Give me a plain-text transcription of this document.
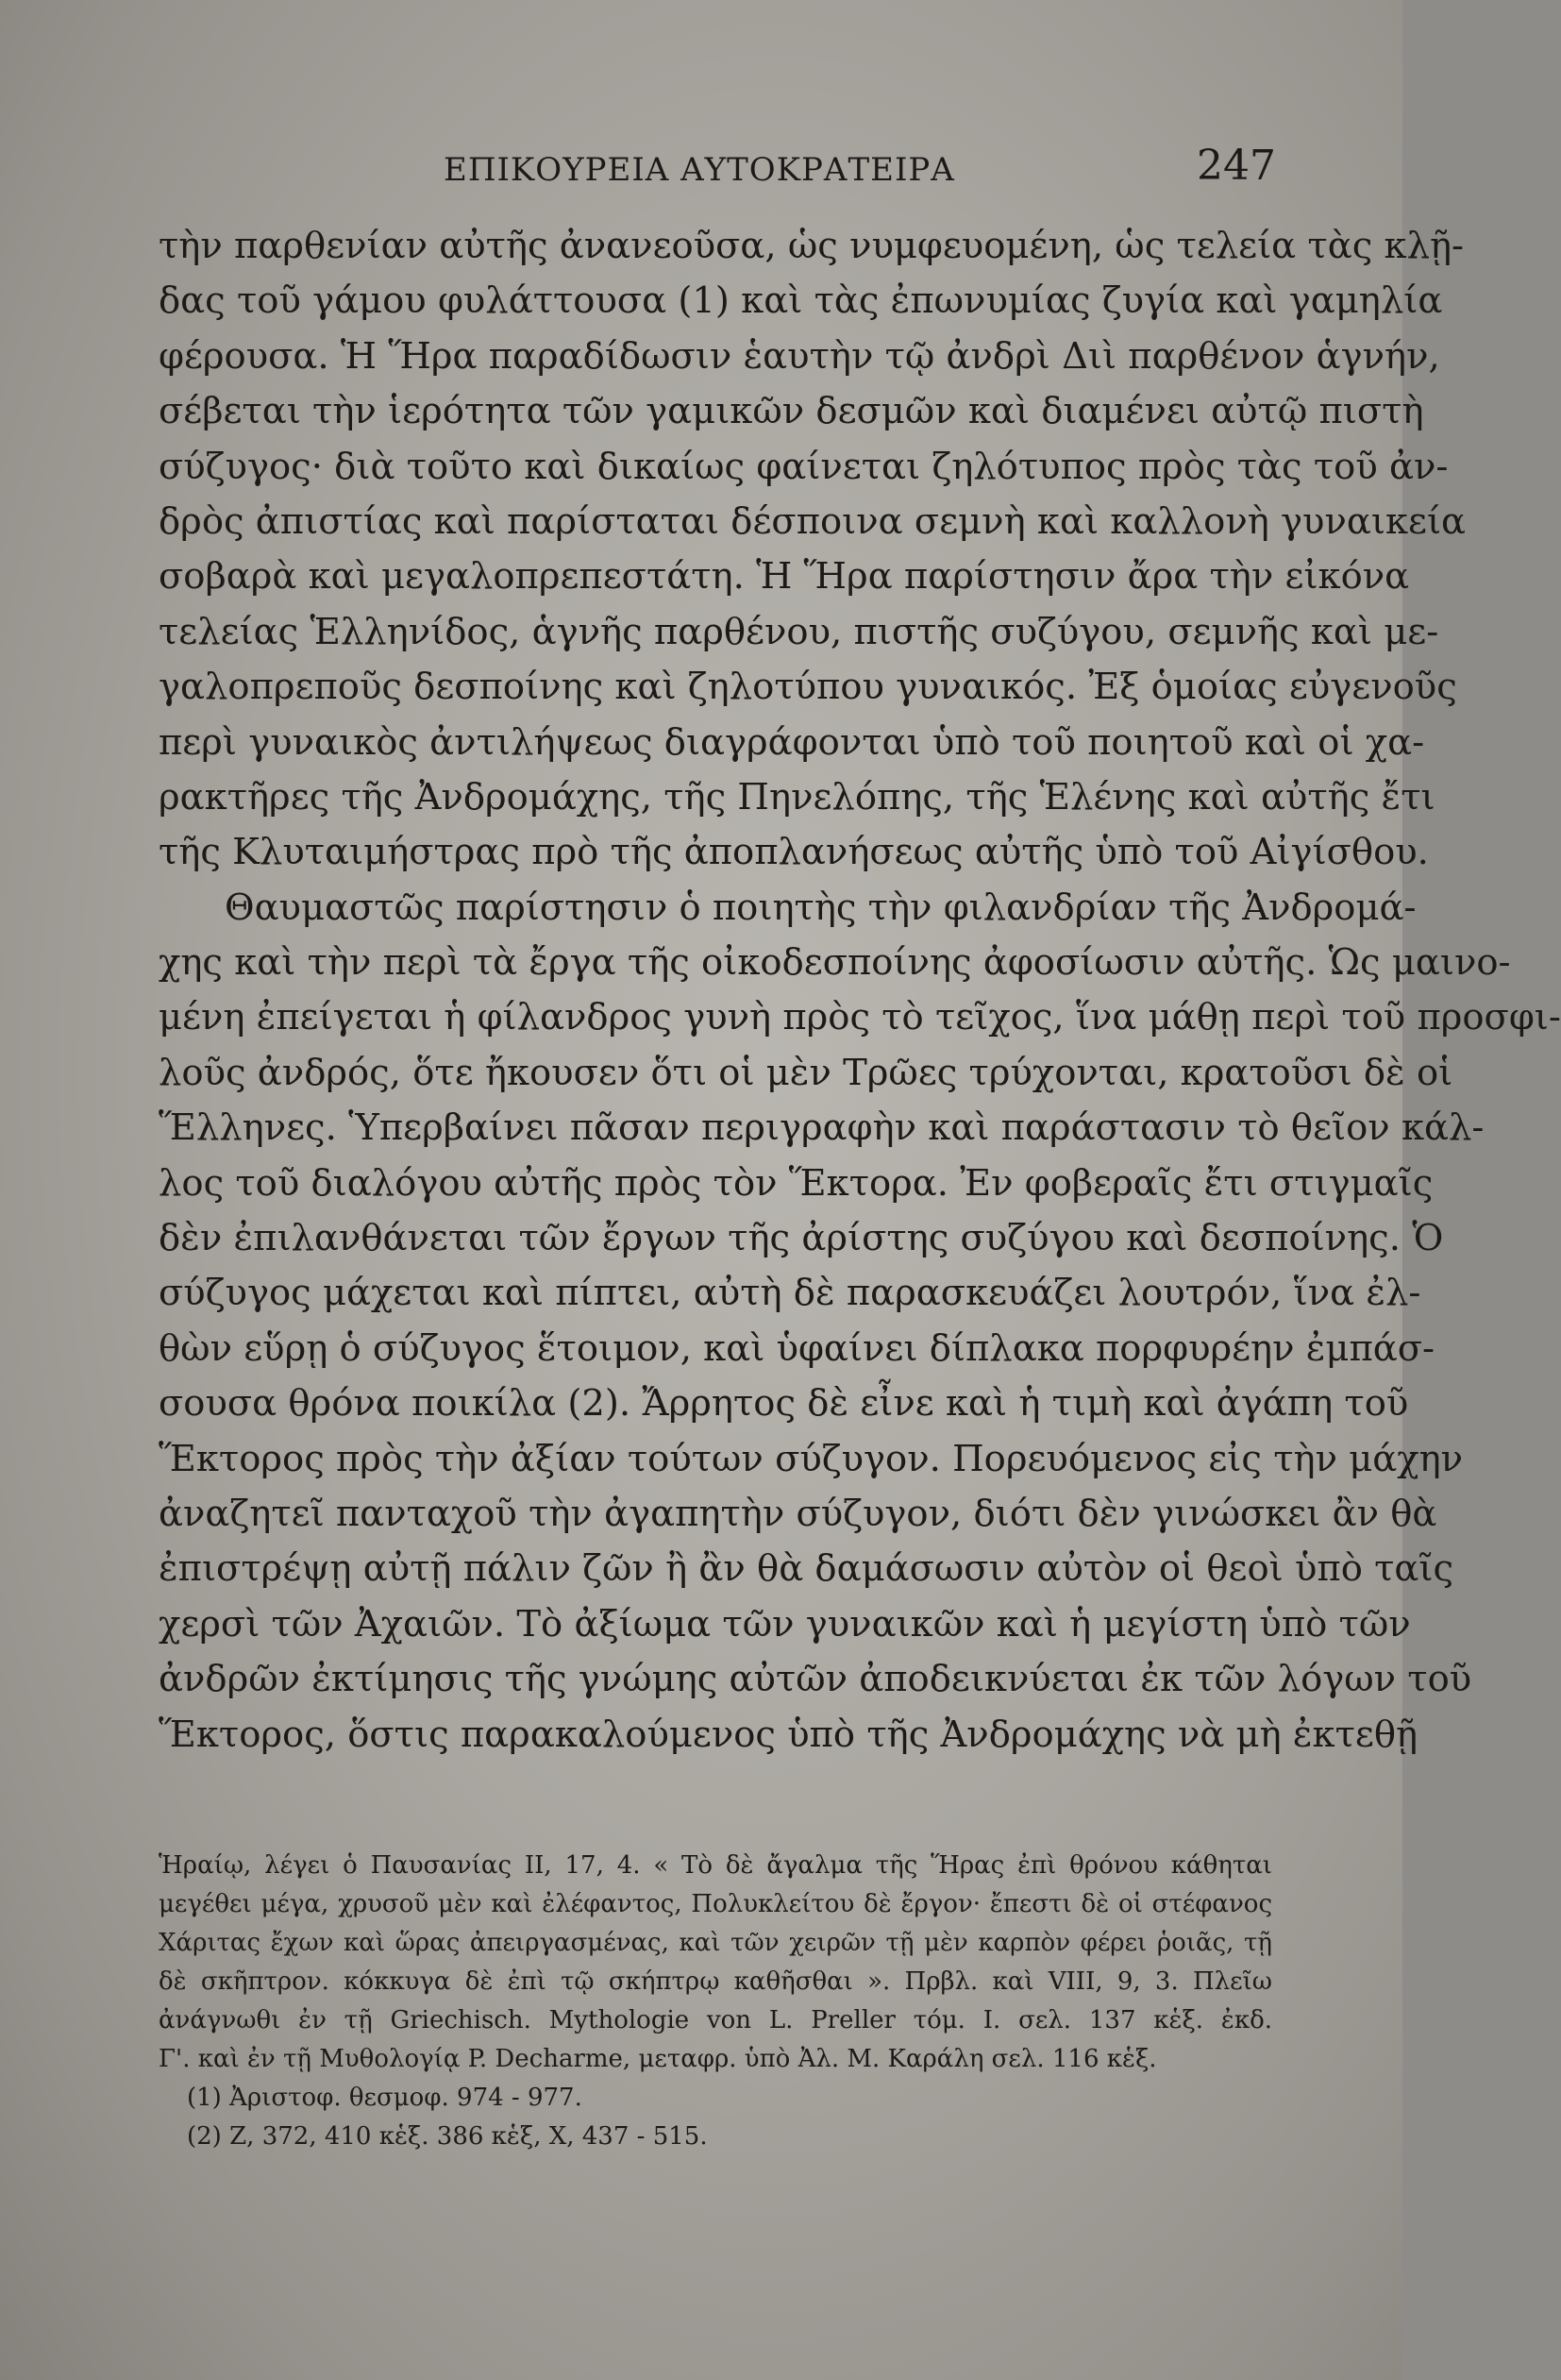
ΕΠΙΚΟΥΡΕΙΑ ΑΥΤΟΚΡΑΤΕΙΡΑ	247
τὴν παρθενίαν αὐτῆς ἀνανεοῦσα, ὡς νυμφευομένη, ὡς τελεία τὰς κλῇ-
δας τοῦ γάμου φυλάττουσα (1) καὶ τὰς ἐπωνυμίας ζυγία καὶ γαμηλία
φέρουσα. Ἡ Ἥρα παραδίδωσιν ἑαυτὴν τῷ ἀνδρὶ Διὶ παρθένον ἁγνήν,
σέβεται τὴν ἱερότητα τῶν γαμικῶν δεσμῶν καὶ διαμένει αὐτῷ πιστὴ
σύζυγος· διὰ τοῦτο καὶ δικαίως φαίνεται ζηλότυπος πρὸς τὰς τοῦ ἀν-
δρὸς ἀπιστίας καὶ παρίσταται δέσποινα σεμνὴ καὶ καλλονὴ γυναικεία
σοβαρὰ καὶ μεγαλοπρεπεστάτη. Ἡ Ἥρα παρίστησιν ἄρα τὴν εἰκόνα
τελείας Ἑλληνίδος, ἁγνῆς παρθένου, πιστῆς συζύγου, σεμνῆς καὶ με-
γαλοπρεποῦς δεσποίνης καὶ ζηλοτύπου γυναικός. Ἐξ ὁμοίας εὐγενοῦς
περὶ γυναικὸς ἀντιλήψεως διαγράφονται ὑπὸ τοῦ ποιητοῦ καὶ οἱ χα-
ρακτῆρες τῆς Ἀνδρομάχης, τῆς Πηνελόπης, τῆς Ἑλένης καὶ αὐτῆς ἔτι
τῆς Κλυταιμήστρας πρὸ τῆς ἀποπλανήσεως αὐτῆς ὑπὸ τοῦ Αἰγίσθου.
Θαυμαστῶς παρίστησιν ὁ ποιητὴς τὴν φιλανδρίαν τῆς Ἀνδρομά-
χης καὶ τὴν περὶ τὰ ἔργα τῆς οἰκοδεσποίνης ἀφοσίωσιν αὐτῆς. Ὡς μαινο-
μένη ἐπείγεται ἡ φίλανδρος γυνὴ πρὸς τὸ τεῖχος, ἵνα μάθῃ περὶ τοῦ προσφι-
λοῦς ἀνδρός, ὅτε ἤκουσεν ὅτι οἱ μὲν Τρῶες τρύχονται, κρατοῦσι δὲ οἱ
Ἕλληνες. Ὑπερβαίνει πᾶσαν περιγραφὴν καὶ παράστασιν τὸ θεῖον κάλ-
λος τοῦ διαλόγου αὐτῆς πρὸς τὸν Ἕκτορα. Ἐν φοβεραῖς ἔτι στιγμαῖς
δὲν ἐπιλανθάνεται τῶν ἔργων τῆς ἀρίστης συζύγου καὶ δεσποίνης. Ὁ
σύζυγος μάχεται καὶ πίπτει, αὐτὴ δὲ παρασκευάζει λουτρόν, ἵνα ἐλ-
θὼν εὕρῃ ὁ σύζυγος ἕτοιμον, καὶ ὑφαίνει δίπλακα πορφυρέην ἐμπάσ-
σουσα θρόνα ποικίλα (2). Ἄρρητος δὲ εἶνε καὶ ἡ τιμὴ καὶ ἀγάπη τοῦ
Ἕκτορος πρὸς τὴν ἀξίαν τούτων σύζυγον. Πορευόμενος εἰς τὴν μάχην
ἀναζητεῖ πανταχοῦ τὴν ἀγαπητὴν σύζυγον, διότι δὲν γινώσκει ἂν θὰ
ἐπιστρέψῃ αὐτῇ πάλιν ζῶν ἢ ἂν θὰ δαμάσωσιν αὐτὸν οἱ θεοὶ ὑπὸ ταῖς
χερσὶ τῶν Ἀχαιῶν. Τὸ ἀξίωμα τῶν γυναικῶν καὶ ἡ μεγίστη ὑπὸ τῶν
ἀνδρῶν ἐκτίμησις τῆς γνώμης αὐτῶν ἀποδεικνύεται ἐκ τῶν λόγων τοῦ
Ἕκτορος, ὅστις παρακαλούμενος ὑπὸ τῆς Ἀνδρομάχης νὰ μὴ ἐκτεθῇ
Ἡραίῳ, λέγει ὁ Παυσανίας II, 17, 4. « Τὸ δὲ ἄγαλμα τῆς Ἥρας ἐπὶ θρόνου κάθηται
μεγέθει μέγα, χρυσοῦ μὲν καὶ ἐλέφαντος, Πολυκλείτου δὲ ἔργον· ἔπεστι δὲ οἱ στέφανος
Χάριτας ἔχων καὶ ὥρας ἀπειργασμένας, καὶ τῶν χειρῶν τῇ μὲν καρπὸν φέρει ῥοιᾶς, τῇ
δὲ σκῆπτρον. κόκκυγα δὲ ἐπὶ τῷ σκήπτρῳ καθῆσθαι ». Πρβλ. καὶ VIII, 9, 3. Πλεῖω
ἀνάγνωθι ἐν τῇ Griechisch. Mythologie von L. Preller τόμ. I. σελ. 137 κἑξ. ἐκδ.
Γ'. καὶ ἐν τῇ Μυθολογίᾳ P. Decharme, μεταφρ. ὑπὸ Ἀλ. Μ. Καράλη σελ. 116 κἑξ.
(1) Ἀριστοφ. θεσμοφ. 974 - 977.
(2) Ζ, 372, 410 κἑξ. 386 κἑξ, Χ, 437 - 515.
